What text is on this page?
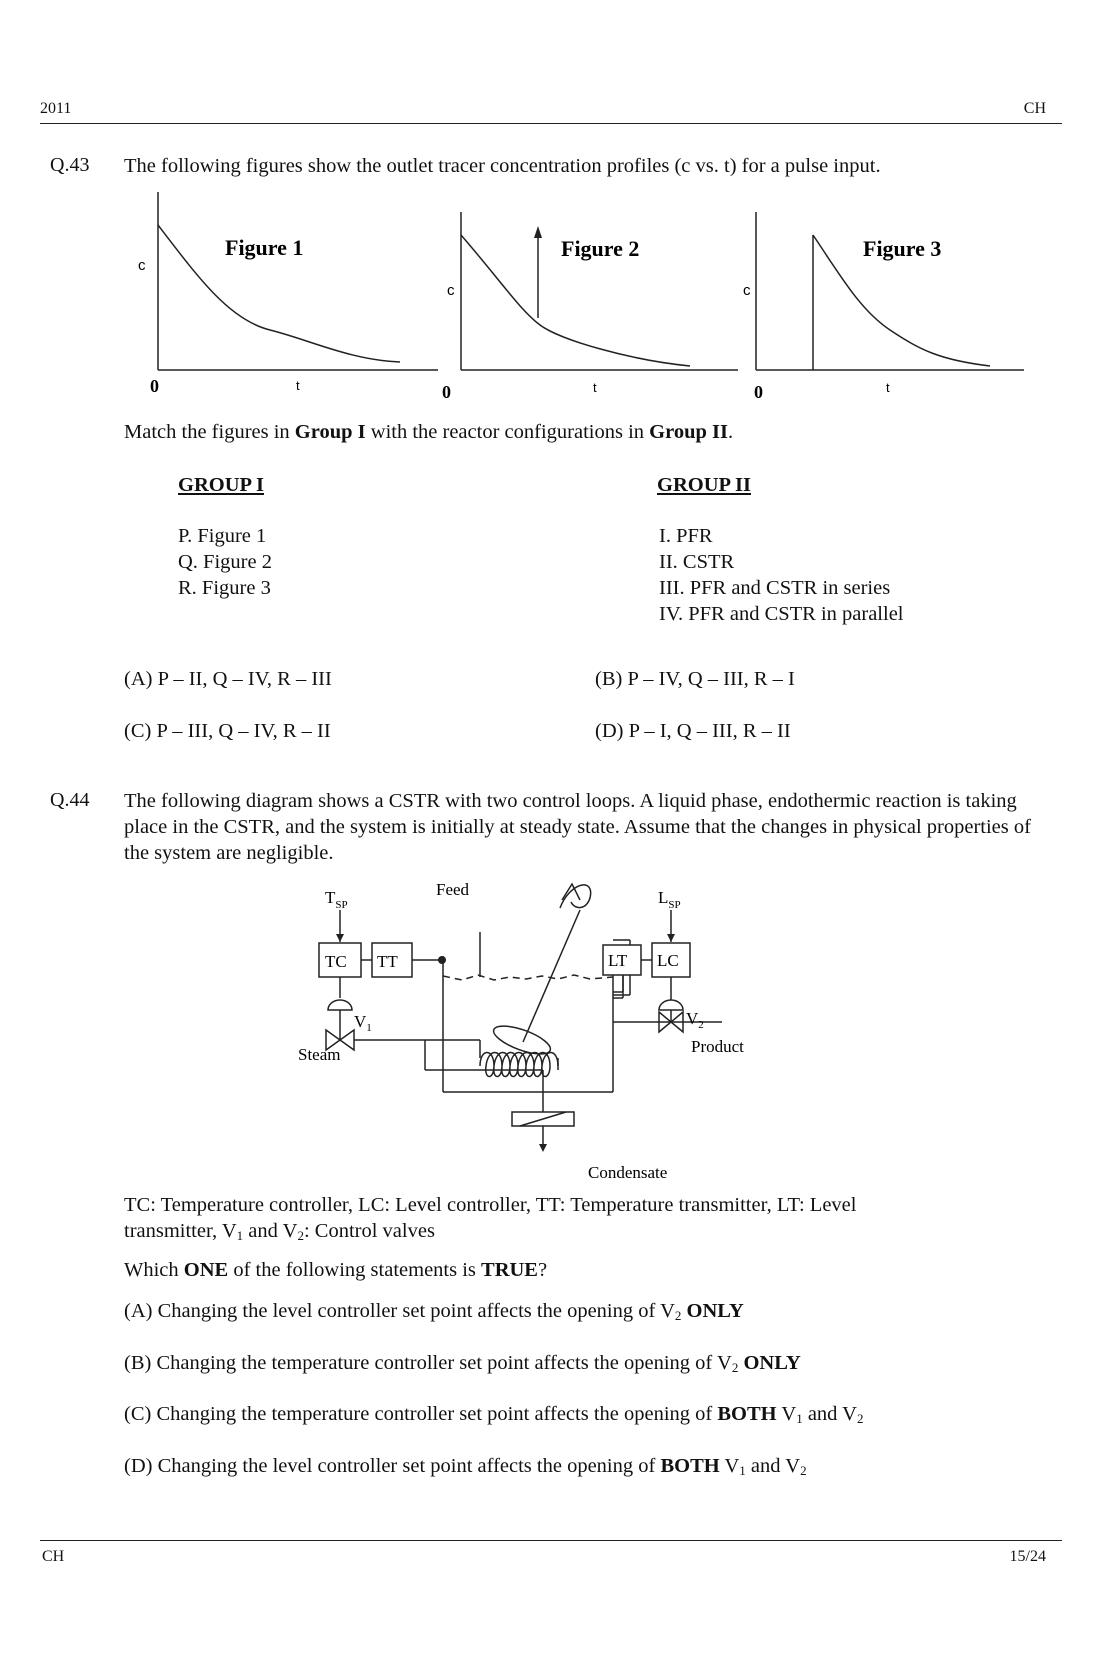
2011	CH
Q.43 The following figures show the outlet tracer concentration profiles (c vs. t) for a pulse input.
Figure 1
c
0	t
Figure 2
c
0	t
Figure 3
c
0	t
Match the figures in Group I with the reactor configurations in Group II.
GROUP I	GROUP II
P. Figure 1
Q. Figure 2
R. Figure 3
I. PFR
II. CSTR
III. PFR and CSTR in series
IV. PFR and CSTR in parallel
(A) P – II, Q – IV, R – III	(B) P – IV, Q – III, R – I
(C) P – III, Q – IV, R – II	(D) P – I, Q – III, R – II
Q.44 The following diagram shows a CSTR with two control loops. A liquid phase, endothermic reaction is taking place in the CSTR, and the system is initially at steady state. Assume that the changes in physical properties of the system are negligible.
Feed
$T_{SP}$	$L_{SP}$
TC TT	LT LC
$V_1$	$V_2$
Steam	Product
Condensate
TC: Temperature controller, LC: Level controller, TT: Temperature transmitter, LT: Level
transmitter, $V_1$ and $V_2$: Control valves
Which ONE of the following statements is TRUE?
(A) Changing the level controller set point affects the opening of $V_2$ ONLY
(B) Changing the temperature controller set point affects the opening of $V_2$ ONLY
(C) Changing the temperature controller set point affects the opening of BOTH $V_1$ and $V_2$
(D) Changing the level controller set point affects the opening of BOTH $V_1$ and $V_2$
CH	15/24
